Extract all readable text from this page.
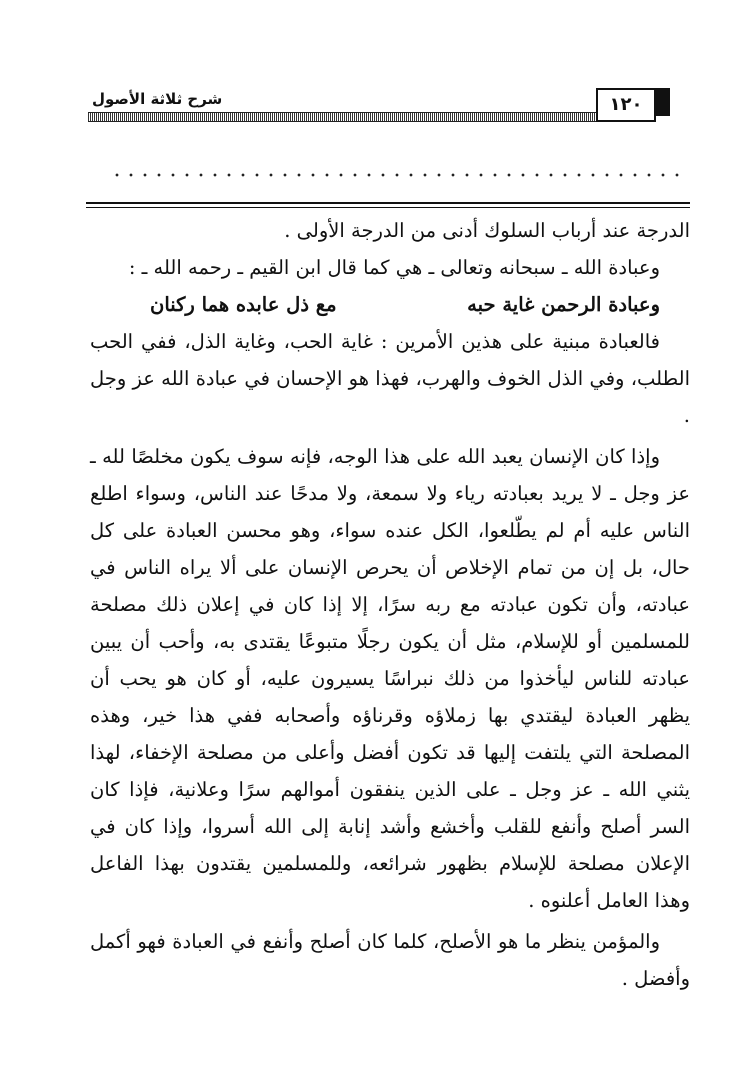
شرح ثلاثة الأصول	١٢٠

الدرجة عند أرباب السلوك أدنى من الدرجة الأولى .

وعبادة الله ـ سبحانه وتعالى ـ هي كما قال ابن القيم ـ رحمه الله ـ :

وعبادة الرحمن غاية حبه
مع ذل عابده هما ركنان

فالعبادة مبنية على هذين الأمرين : غاية الحب، وغاية الذل، ففي الحب الطلب، وفي الذل الخوف والهرب، فهذا هو الإحسان في عبادة الله عز وجل .

وإذا كان الإنسان يعبد الله على هذا الوجه، فإنه سوف يكون مخلصًا لله ـ عز وجل ـ لا يريد بعبادته رياء ولا سمعة، ولا مدحًا عند الناس، وسواء اطلع الناس عليه أم لم يطّلعوا، الكل عنده سواء، وهو محسن العبادة على كل حال، بل إن من تمام الإخلاص أن يحرص الإنسان على ألا يراه الناس في عبادته، وأن تكون عبادته مع ربه سرًا، إلا إذا كان في إعلان ذلك مصلحة للمسلمين أو للإسلام، مثل أن يكون رجلًا متبوعًا يقتدى به، وأحب أن يبين عبادته للناس ليأخذوا من ذلك نبراسًا يسيرون عليه، أو كان هو يحب أن يظهر العبادة ليقتدي بها زملاؤه وقرناؤه وأصحابه ففي هذا خير، وهذه المصلحة التي يلتفت إليها قد تكون أفضل وأعلى من مصلحة الإخفاء، لهذا يثني الله ـ عز وجل ـ على الذين ينفقون أموالهم سرًا وعلانية، فإذا كان السر أصلح وأنفع للقلب وأخشع وأشد إنابة إلى الله أسروا، وإذا كان في الإعلان مصلحة للإسلام بظهور شرائعه، وللمسلمين يقتدون بهذا الفاعل وهذا العامل أعلنوه .

والمؤمن ينظر ما هو الأصلح، كلما كان أصلح وأنفع في العبادة فهو أكمل وأفضل .
